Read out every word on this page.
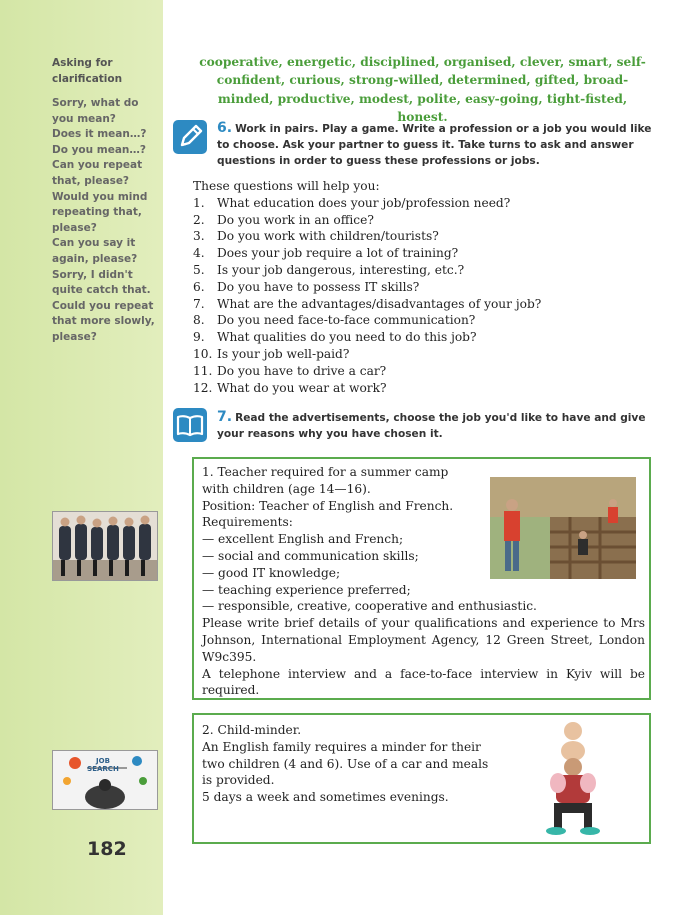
Asking for clarification
Sorry, what do you mean?
Does it mean…?
Do you mean…?
Can you repeat that, please?
Would you mind repeating that, please?
Can you say it again, please?
Sorry, I didn't quite catch that.
Could you repeat that more slowly, please?
JOB SEARCH
182
cooperative, energetic, disciplined, organised, clever, smart, self-confident, curious, strong-willed, determined, gifted, broad-minded, productive, modest, polite, easy-going, tight-fisted, honest.
6. Work in pairs. Play a game. Write a profession or a job you would like to choose. Ask your partner to guess it. Take turns to ask and answer questions in order to guess these professions or jobs.
These questions will help you:
1. What education does your job/profession need?
2. Do you work in an office?
3. Do you work with children/tourists?
4. Does your job require a lot of training?
5. Is your job dangerous, interesting, etc.?
6. Do you have to possess IT skills?
7. What are the advantages/disadvantages of your job?
8. Do you need face-to-face communication?
9. What qualities do you need to do this job?
10. Is your job well-paid?
11. Do you have to drive a car?
12. What do you wear at work?
7. Read the advertisements, choose the job you'd like to have and give your reasons why you have chosen it.
1. Teacher required for a summer camp
with children (age 14—16).
Position: Teacher of English and French.
Requirements:
— excellent English and French;
— social and communication skills;
— good IT knowledge;
— teaching experience preferred;
— responsible, creative, cooperative and enthusiastic.
Please write brief details of your qualifications and experience to Mrs Johnson, International Employment Agency, 12 Green Street, London W9c395.
A telephone interview and a face-to-face interview in Kyiv will be required.
2. Child-minder.
An English family requires a minder for their two children (4 and 6). Use of a car and meals is provided.
5 days a week and sometimes evenings.
